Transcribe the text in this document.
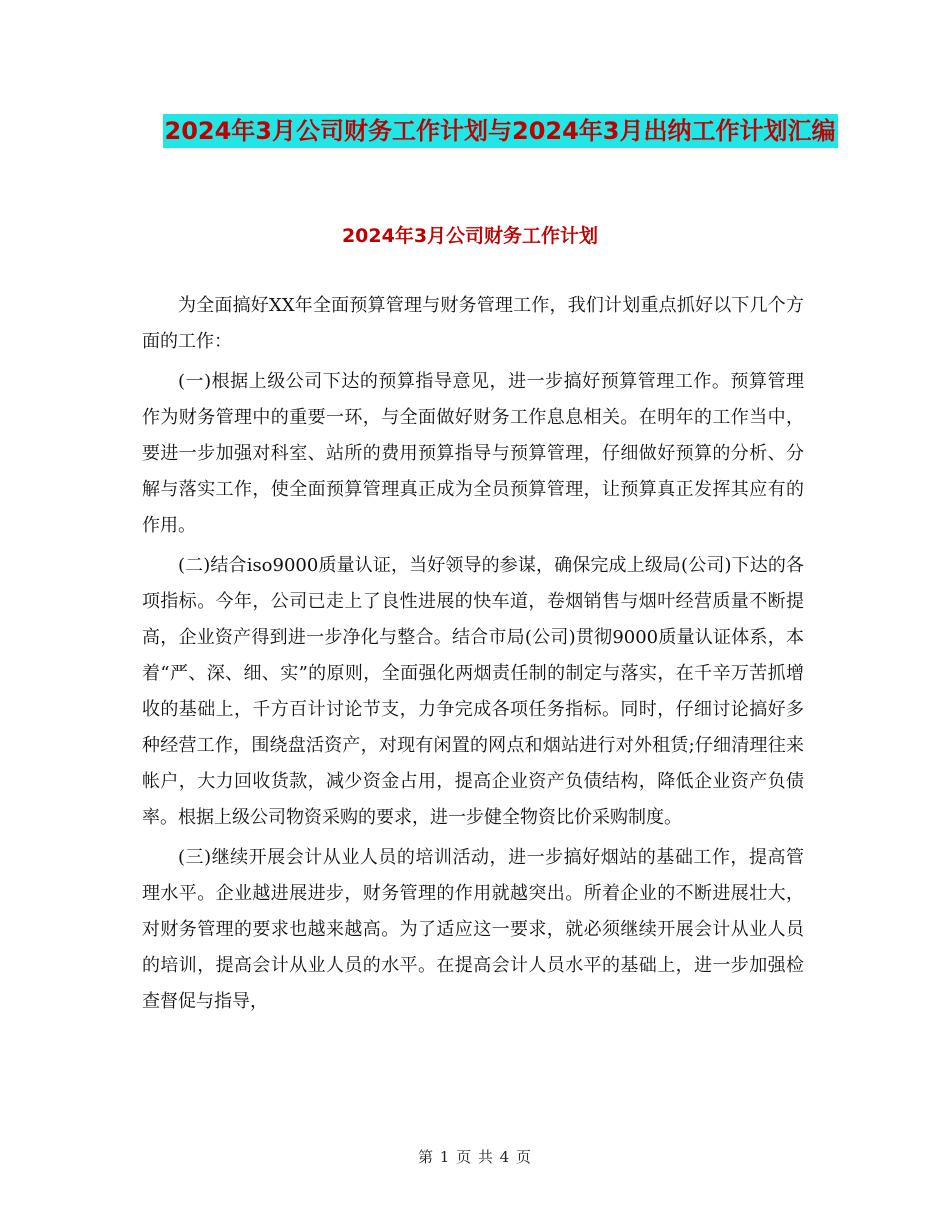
2024年3月公司财务工作计划与2024年3月出纳工作计划汇编
2024年3月公司财务工作计划

为全面搞好XX年全面预算管理与财务管理工作，我们计划重点抓好以下几个方面的工作：

(一)根据上级公司下达的预算指导意见，进一步搞好预算管理工作。预算管理作为财务管理中的重要一环，与全面做好财务工作息息相关。在明年的工作当中，要进一步加强对科室、站所的费用预算指导与预算管理，仔细做好预算的分析、分解与落实工作，使全面预算管理真正成为全员预算管理，让预算真正发挥其应有的作用。

(二)结合iso9000质量认证，当好领导的参谋，确保完成上级局(公司)下达的各项指标。今年，公司已走上了良性进展的快车道，卷烟销售与烟叶经营质量不断提高，企业资产得到进一步净化与整合。结合市局(公司)贯彻9000质量认证体系，本着“严、深、细、实”的原则，全面强化两烟责任制的制定与落实，在千辛万苦抓增收的基础上，千方百计讨论节支，力争完成各项任务指标。同时，仔细讨论搞好多种经营工作，围绕盘活资产，对现有闲置的网点和烟站进行对外租赁;仔细清理往来帐户，大力回收货款，减少资金占用，提高企业资产负债结构，降低企业资产负债率。根据上级公司物资采购的要求，进一步健全物资比价采购制度。

(三)继续开展会计从业人员的培训活动，进一步搞好烟站的基础工作，提高管理水平。企业越进展进步，财务管理的作用就越突出。所着企业的不断进展壮大，对财务管理的要求也越来越高。为了适应这一要求，就必须继续开展会计从业人员的培训，提高会计从业人员的水平。在提高会计人员水平的基础上，进一步加强检查督促与指导，

第 1 页 共 4 页
